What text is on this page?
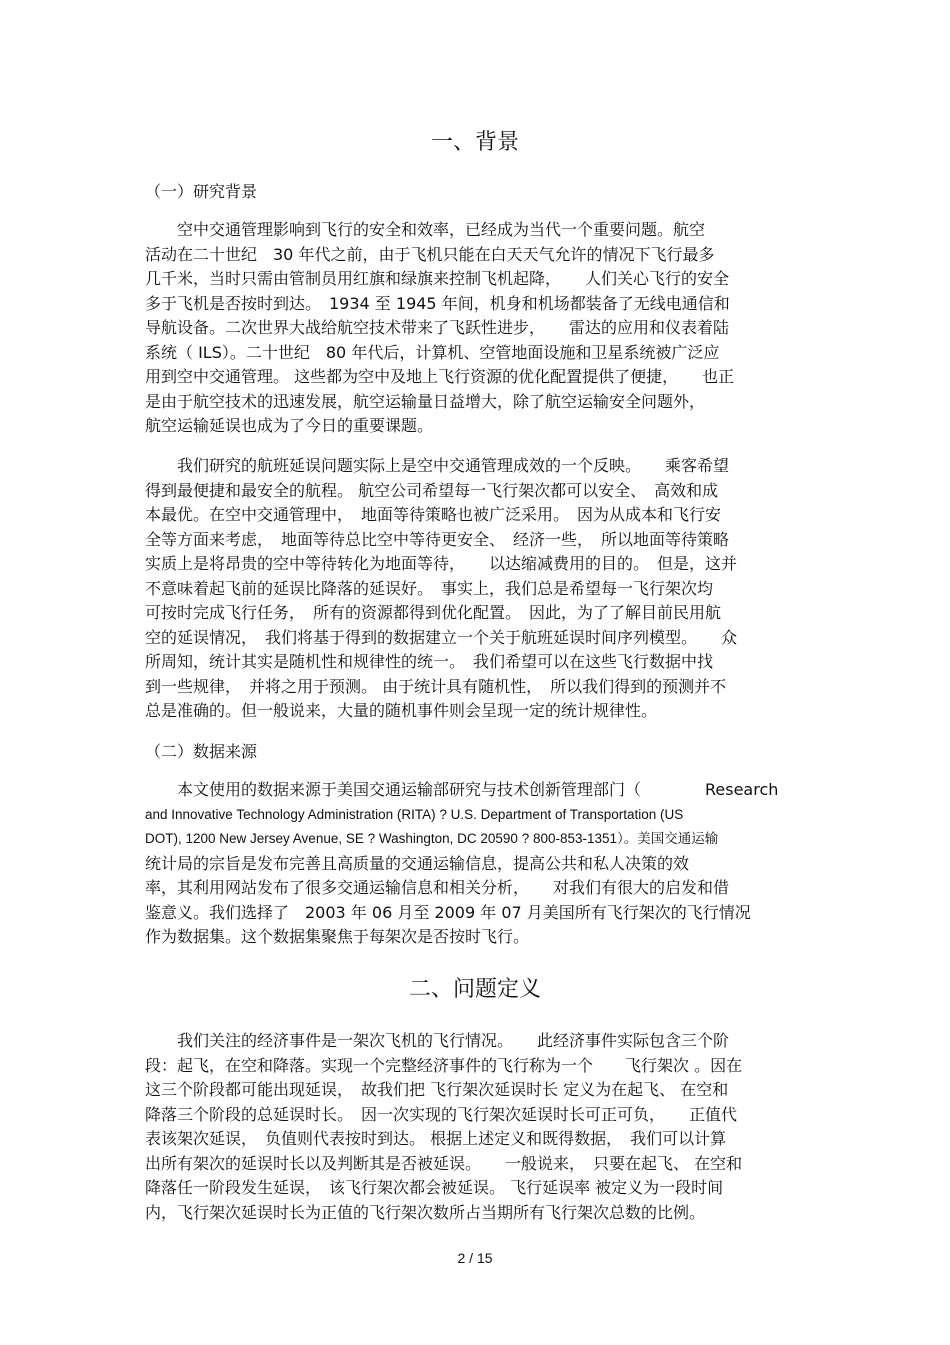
一、背景
（一）研究背景
　　空中交通管理影响到飞行的安全和效率，已经成为当代一个重要问题。航空
活动在二十世纪　30 年代之前，由于飞机只能在白天天气允许的情况下飞行最多
几千米，当时只需由管制员用红旗和绿旗来控制飞机起降，　　人们关心飞行的安全
多于飞机是否按时到达。　1934 至 1945 年间，机身和机场都装备了无线电通信和
导航设备。二次世界大战给航空技术带来了飞跃性进步，　　雷达的应用和仪表着陆
系统（ ILS）。二十世纪　80 年代后，计算机、空管地面设施和卫星系统被广泛应
用到空中交通管理。 这些都为空中及地上飞行资源的优化配置提供了便捷，　　也正
是由于航空技术的迅速发展，航空运输量日益增大，除了航空运输安全问题外，
航空运输延误也成为了今日的重要课题。
　　我们研究的航班延误问题实际上是空中交通管理成效的一个反映。　　乘客希望
得到最便捷和最安全的航程。 航空公司希望每一飞行架次都可以安全、　高效和成
本最优。在空中交通管理中，　地面等待策略也被广泛采用。　因为从成本和飞行安
全等方面来考虑，　地面等待总比空中等待更安全、　经济一些，　所以地面等待策略
实质上是将昂贵的空中等待转化为地面等待，　　以达缩减费用的目的。　但是，这并
不意味着起飞前的延误比降落的延误好。　事实上，我们总是希望每一飞行架次均
可按时完成飞行任务，　所有的资源都得到优化配置。　因此，为了了解目前民用航
空的延误情况，　我们将基于得到的数据建立一个关于航班延误时间序列模型。　　众
所周知，统计其实是随机性和规律性的统一。　我们希望可以在这些飞行数据中找
到一些规律，　并将之用于预测。 由于统计具有随机性，　所以我们得到的预测并不
总是准确的。但一般说来，大量的随机事件则会呈现一定的统计规律性。
（二）数据来源
　　本文使用的数据来源于美国交通运输部研究与技术创新管理部门（　　　　Research
and Innovative Technology Administration (RITA) ? U.S. Department of Transportation (US
DOT), 1200 New Jersey Avenue, SE ? Washington, DC 20590 ? 800-853-1351）。美国交通运输
统计局的宗旨是发布完善且高质量的交通运输信息，提高公共和私人决策的效
率，其利用网站发布了很多交通运输信息和相关分析，　　对我们有很大的启发和借
鉴意义。我们选择了　2003 年 06 月至 2009 年 07 月美国所有飞行架次的飞行情况
作为数据集。这个数据集聚焦于每架次是否按时飞行。
二、问题定义
　　我们关注的经济事件是一架次飞机的飞行情况。　　此经济事件实际包含三个阶
段：起飞，在空和降落。实现一个完整经济事件的飞行称为一个　　飞行架次 。因在
这三个阶段都可能出现延误，　故我们把 飞行架次延误时长 定义为在起飞、 在空和
降落三个阶段的总延误时长。　因一次实现的飞行架次延误时长可正可负，　　正值代
表该架次延误，　负值则代表按时到达。 根据上述定义和既得数据，　我们可以计算
出所有架次的延误时长以及判断其是否被延误。　　一般说来，　只要在起飞、 在空和
降落任一阶段发生延误，　该飞行架次都会被延误。 飞行延误率 被定义为一段时间
内，飞行架次延误时长为正值的飞行架次数所占当期所有飞行架次总数的比例。
2 / 15
